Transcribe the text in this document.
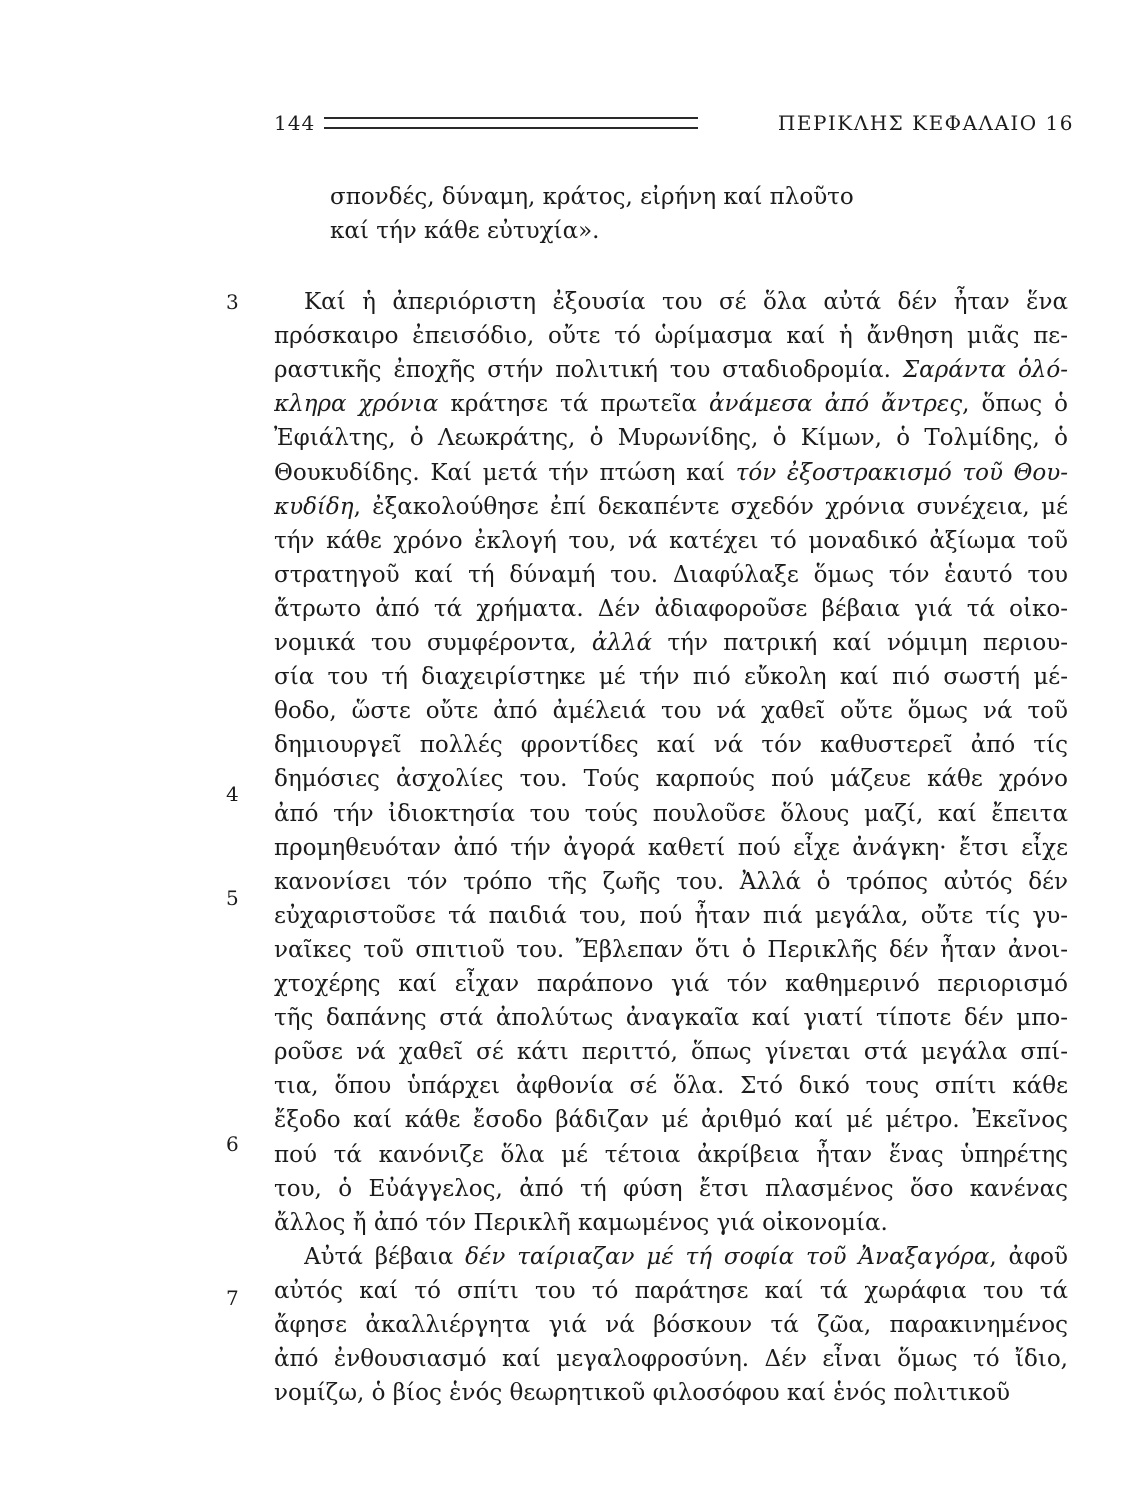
144	ΠΕΡΙΚΛΗΣ ΚΕΦΑΛΑΙΟ 16
σπονδές, δύναμη, κράτος, εἰρήνη καί πλοῦτο
καί τήν κάθε εὐτυχία».
3
4
5
6
7
Καί ἡ ἀπεριόριστη ἐξουσία του σέ ὅλα αὐτά δέν ἦταν ἕνα
πρόσκαιρο ἐπεισόδιο, οὔτε τό ὡρίμασμα καί ἡ ἄνθηση μιᾶς πε-
ραστικῆς ἐποχῆς στήν πολιτική του σταδιοδρομία. Σαράντα ὁλό-
κληρα χρόνια κράτησε τά πρωτεῖα ἀνάμεσα ἀπό ἄντρες, ὅπως ὁ
Ἐφιάλτης, ὁ Λεωκράτης, ὁ Μυρωνίδης, ὁ Κίμων, ὁ Τολμίδης, ὁ
Θουκυδίδης. Καί μετά τήν πτώση καί τόν ἐξοστρακισμό τοῦ Θου-
κυδίδη, ἐξακολούθησε ἐπί δεκαπέντε σχεδόν χρόνια συνέχεια, μέ
τήν κάθε χρόνο ἐκλογή του, νά κατέχει τό μοναδικό ἀξίωμα τοῦ
στρατηγοῦ καί τή δύναμή του. Διαφύλαξε ὅμως τόν ἑαυτό του
ἄτρωτο ἀπό τά χρήματα. Δέν ἀδιαφοροῦσε βέβαια γιά τά οἰκο-
νομικά του συμφέροντα, ἀλλά τήν πατρική καί νόμιμη περιου-
σία του τή διαχειρίστηκε μέ τήν πιό εὔκολη καί πιό σωστή μέ-
θοδο, ὥστε οὔτε ἀπό ἀμέλειά του νά χαθεῖ οὔτε ὅμως νά τοῦ
δημιουργεῖ πολλές φροντίδες καί νά τόν καθυστερεῖ ἀπό τίς
δημόσιες ἀσχολίες του. Τούς καρπούς πού μάζευε κάθε χρόνο
ἀπό τήν ἰδιοκτησία του τούς πουλοῦσε ὅλους μαζί, καί ἔπειτα
προμηθευόταν ἀπό τήν ἀγορά καθετί πού εἶχε ἀνάγκη· ἔτσι εἶχε
κανονίσει τόν τρόπο τῆς ζωῆς του. Ἀλλά ὁ τρόπος αὐτός δέν
εὐχαριστοῦσε τά παιδιά του, πού ἦταν πιά μεγάλα, οὔτε τίς γυ-
ναῖκες τοῦ σπιτιοῦ του. Ἔβλεπαν ὅτι ὁ Περικλῆς δέν ἦταν ἀνοι-
χτοχέρης καί εἶχαν παράπονο γιά τόν καθημερινό περιορισμό
τῆς δαπάνης στά ἀπολύτως ἀναγκαῖα καί γιατί τίποτε δέν μπο-
ροῦσε νά χαθεῖ σέ κάτι περιττό, ὅπως γίνεται στά μεγάλα σπί-
τια, ὅπου ὑπάρχει ἀφθονία σέ ὅλα. Στό δικό τους σπίτι κάθε
ἔξοδο καί κάθε ἔσοδο βάδιζαν μέ ἀριθμό καί μέ μέτρο. Ἐκεῖνος
πού τά κανόνιζε ὅλα μέ τέτοια ἀκρίβεια ἦταν ἕνας ὑπηρέτης
του, ὁ Εὐάγγελος, ἀπό τή φύση ἔτσι πλασμένος ὅσο κανένας
ἄλλος ἤ ἀπό τόν Περικλῆ καμωμένος γιά οἰκονομία.
Αὐτά βέβαια δέν ταίριαζαν μέ τή σοφία τοῦ Ἀναξαγόρα, ἀφοῦ
αὐτός καί τό σπίτι του τό παράτησε καί τά χωράφια του τά
ἄφησε ἀκαλλιέργητα γιά νά βόσκουν τά ζῶα, παρακινημένος
ἀπό ἐνθουσιασμό καί μεγαλοφροσύνη. Δέν εἶναι ὅμως τό ἴδιο,
νομίζω, ὁ βίος ἑνός θεωρητικοῦ φιλοσόφου καί ἑνός πολιτικοῦ
